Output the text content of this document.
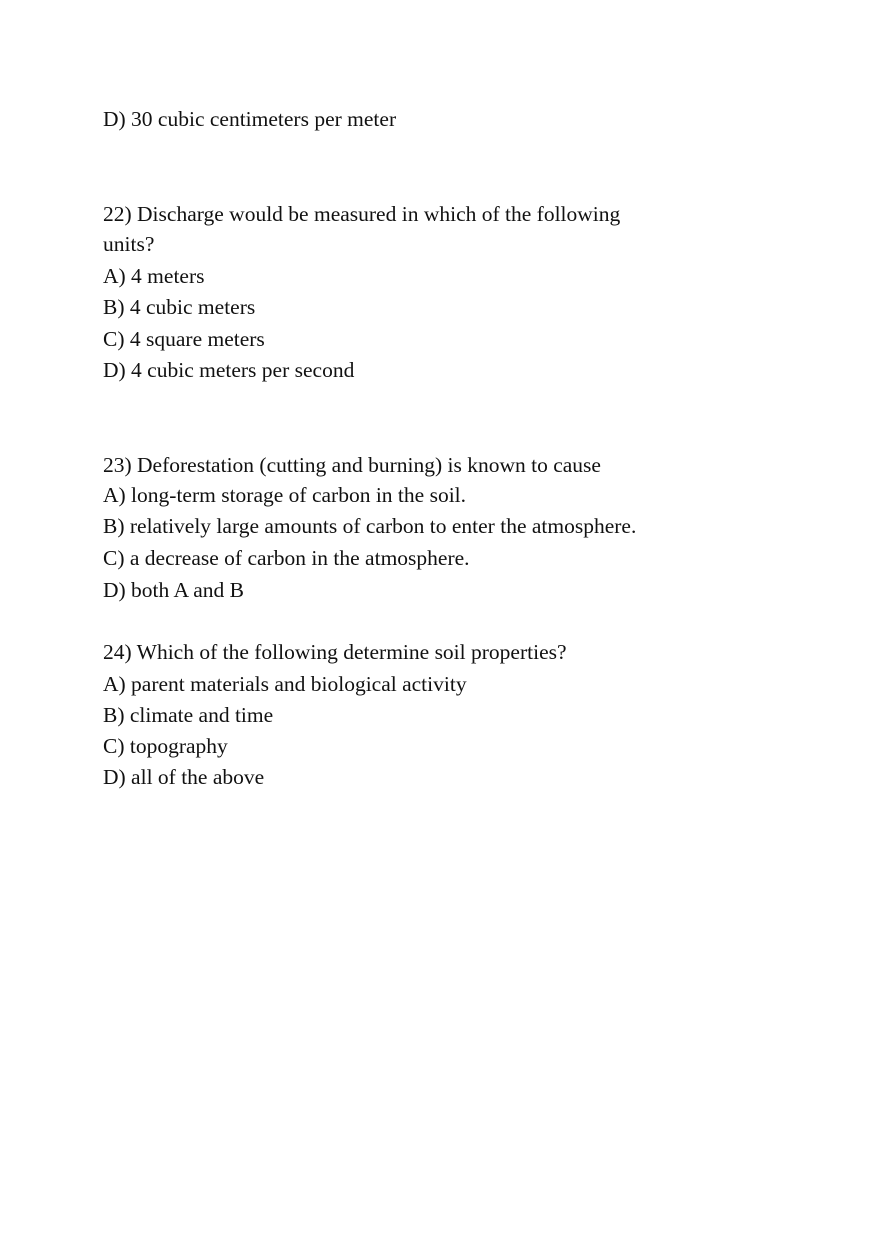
D) 30 cubic centimeters per meter
22) Discharge would be measured in which of the following
units?
A) 4 meters
B) 4 cubic meters
C) 4 square meters
D) 4 cubic meters per second
23) Deforestation (cutting and burning) is known to cause
A) long-term storage of carbon in the soil.
B) relatively large amounts of carbon to enter the atmosphere.
C) a decrease of carbon in the atmosphere.
D) both A and B
24) Which of the following determine soil properties?
A) parent materials and biological activity
B) climate and time
C) topography
D) all of the above
